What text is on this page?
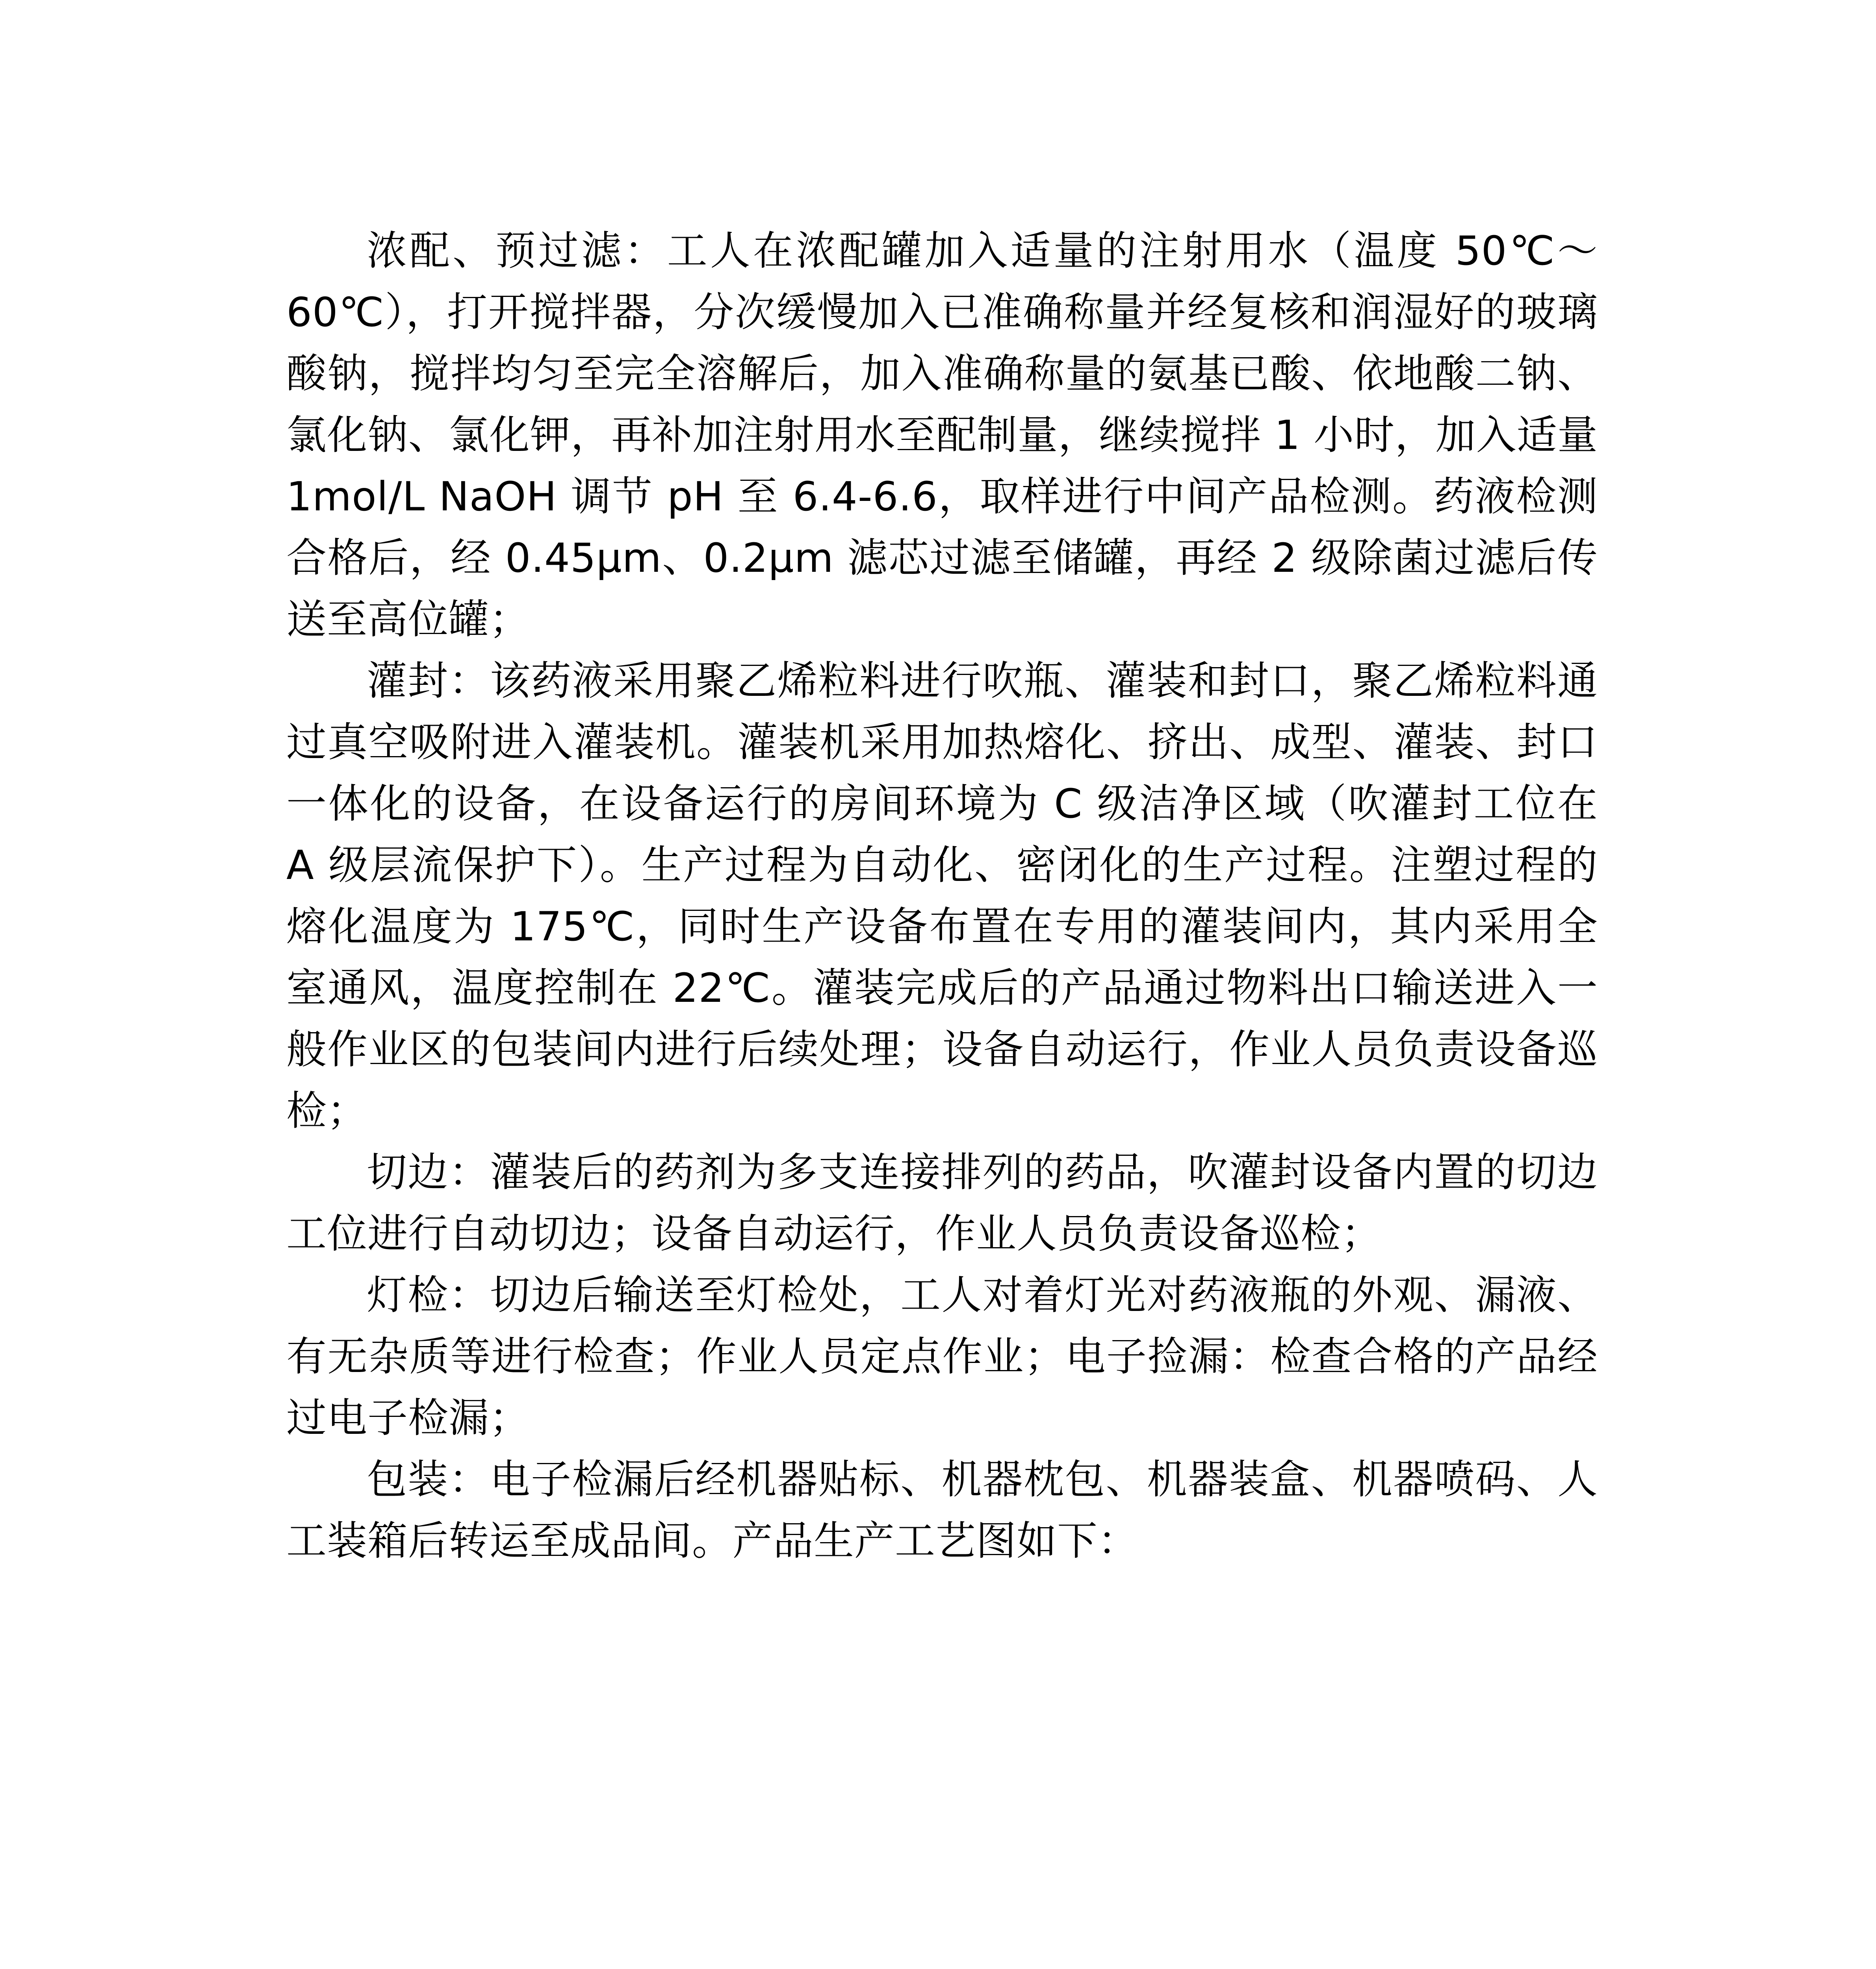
浓配、预过滤：工人在浓配罐加入适量的注射用水（温度 50℃～60℃），打开搅拌器，分次缓慢加入已准确称量并经复核和润湿好的玻璃酸钠，搅拌均匀至完全溶解后，加入准确称量的氨基已酸、依地酸二钠、氯化钠、氯化钾，再补加注射用水至配制量，继续搅拌 1 小时，加入适量 1mol/L NaOH 调节 pH 至 6.4-6.6，取样进行中间产品检测。药液检测合格后，经 0.45μm、0.2μm 滤芯过滤至储罐，再经 2 级除菌过滤后传送至高位罐；

灌封：该药液采用聚乙烯粒料进行吹瓶、灌装和封口，聚乙烯粒料通过真空吸附进入灌装机。灌装机采用加热熔化、挤出、成型、灌装、封口一体化的设备，在设备运行的房间环境为 C 级洁净区域（吹灌封工位在 A 级层流保护下）。生产过程为自动化、密闭化的生产过程。注塑过程的熔化温度为 175℃，同时生产设备布置在专用的灌装间内，其内采用全室通风，温度控制在 22℃。灌装完成后的产品通过物料出口输送进入一般作业区的包装间内进行后续处理；设备自动运行，作业人员负责设备巡检；

切边：灌装后的药剂为多支连接排列的药品，吹灌封设备内置的切边工位进行自动切边；设备自动运行，作业人员负责设备巡检；

灯检：切边后输送至灯检处，工人对着灯光对药液瓶的外观、漏液、有无杂质等进行检查；作业人员定点作业；电子捡漏：检查合格的产品经过电子检漏；

包装：电子检漏后经机器贴标、机器枕包、机器装盒、机器喷码、人工装箱后转运至成品间。产品生产工艺图如下：
